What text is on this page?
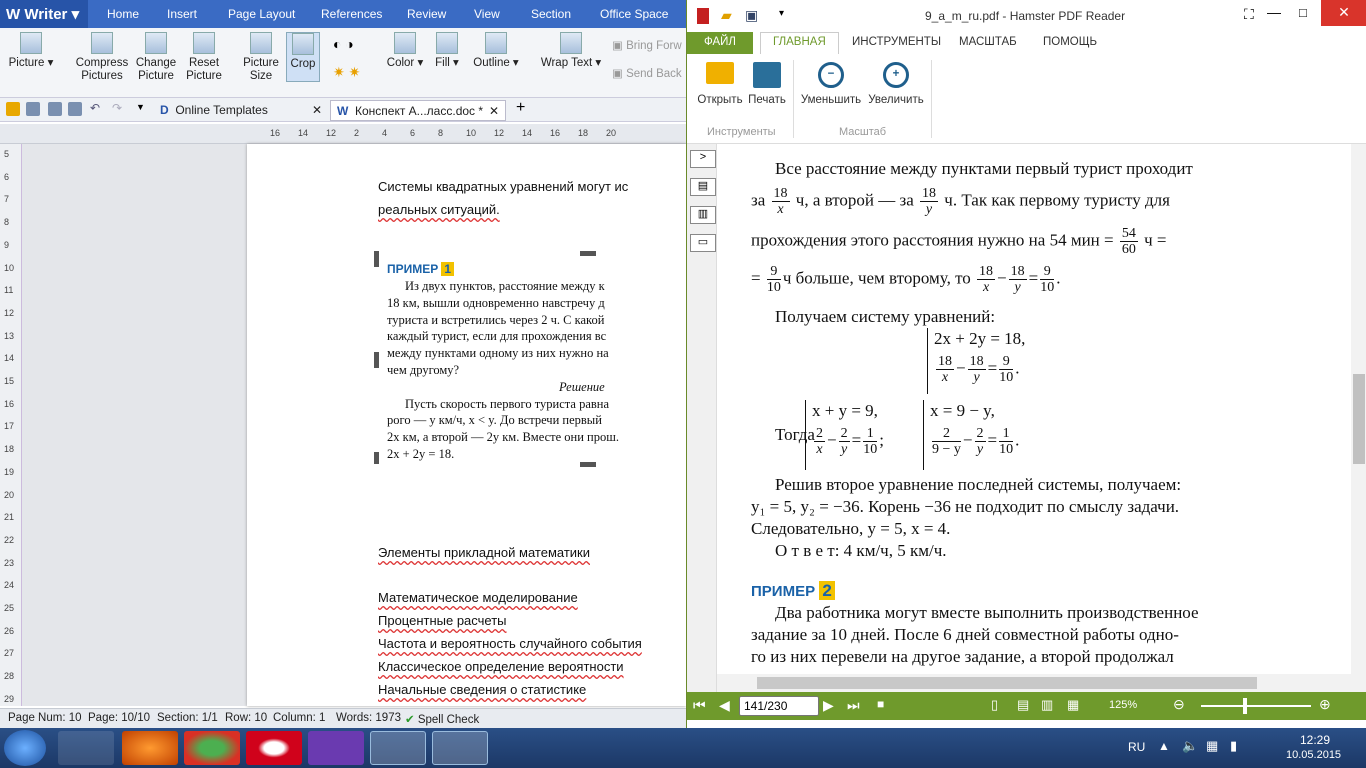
W Writer ▾	Home Insert	Page Layout References Review View	Section Office Space
Picture ▾ Compress
Pictures
Change
Picture
Reset
Picture
Picture
Size
Crop
◐ ◑
✷ ✷
Color ▾ Fill ▾ Outline ▾ Wrap Text ▾
▣ Bring Forw
▣ Send Back
↶ ↷ ▼	D Online Templates	✕	W Конспект А...ласс.doc * ✕ +
16 14 12 2	4	6	8	10 12 14 16 18 20
5
6
7
8
9
10
11
12
13
14
15
16
17
18
19
20
21
22
23
24
25
26
27
28
29
Системы квадратных уравнений могут ис
реальных ситуаций.
Элементы прикладной математики
Математическое моделирование
Процентные расчеты
Частота и вероятность случайного события
Классическое определение вероятности
Начальные сведения о статистике
ПРИМЕР 1
Из двух пунктов, расстояние между к
18 км, вышли одновременно навстречу д
туриста и встретились через 2 ч. С какой
каждый турист, если для прохождения вс
между пунктами одному из них нужно на
чем другому?
Решение
Пусть скорость первого туриста равна
рого — y км/ч, x < y. До встречи первый
2x км, а второй — 2y км. Вместе они прош.
2x + 2y = 18.
Page Num: 10 Page: 10/10 Section: 1/1 Row: 10 Column: 1 Words: 1973 ✔ Spell Check
▰ ▣ ▾	9_a_m_ru.pdf - Hamster PDF Reader	⛶ — □	✕
ФАЙЛ	ГЛАВНАЯ	ИНСТРУМЕНТЫ МАСШТАБ ПОМОЩЬ
Открыть Печать
−
Уменьшить
+
Увеличить
Инструменты	Масштаб
>
▤
▥
▭
Все расстояние между пунктами первый турист проходит
за $\frac{18}{x} ч$, а второй — за $\frac{18}{y} ч$. Так как первому туристу для
прохождения этого расстояния нужно на 54 мин = $\frac{54}{60}$ ч =
= $\frac{9}{10}$ ч больше, чем второму, то $\frac{18}{x} - \frac{18}{y} = \frac{9}{10}$ .
Получаем систему уравнений:
2x + 2y = 18,
$\frac{18}{x} - \frac{18}{y} = \frac{9}{10}$ .
Тогда
x + y = 9,
$\frac{2}{x} - \frac{2}{y} = \frac{1}{10}$ ;
x = 9 − y,
$\frac{2}{9 - y} - \frac{2}{y} = \frac{1}{10}$ .
Решив второе уравнение последней системы, получаем:
y₁ = 5, y₂ = −36. Корень −36 не подходит по смыслу задачи.
Следовательно, y = 5, x = 4.
О т в е т: 4 км/ч, 5 км/ч.
ПРИМЕР 2
Два работника могут вместе выполнить производственное
задание за 10 дней. После 6 дней совместной работы одно-
го из них перевели на другое задание, а второй продолжал
⏮ ◀
141/230	▶ ⏭ ■	▯ ▤ ▥ ▦	125%	⊖	⊕
RU ▲ 🔈 ▦ ▮	12:29
10.05.2015
